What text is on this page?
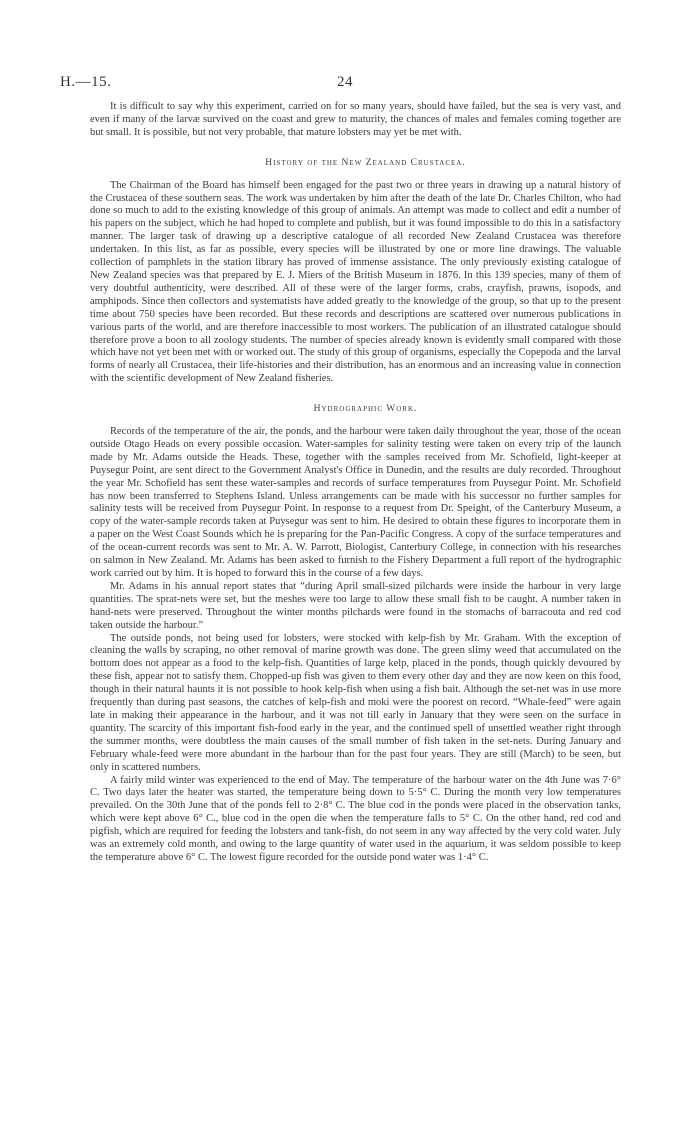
H.—15.	24

It is difficult to say why this experiment, carried on for so many years, should have failed, but the sea is very vast, and even if many of the larvæ survived on the coast and grew to maturity, the chances of males and females coming together are but small. It is possible, but not very probable, that mature lobsters may yet be met with.

History of the New Zealand Crustacea.

The Chairman of the Board has himself been engaged for the past two or three years in drawing up a natural history of the Crustacea of these southern seas. The work was undertaken by him after the death of the late Dr. Charles Chilton, who had done so much to add to the existing knowledge of this group of animals. An attempt was made to collect and edit a number of his papers on the subject, which he had hoped to complete and publish, but it was found impossible to do this in a satisfactory manner. The larger task of drawing up a descriptive catalogue of all recorded New Zealand Crustacea was therefore undertaken. In this list, as far as possible, every species will be illustrated by one or more line drawings. The valuable collection of pamphlets in the station library has proved of immense assistance. The only previously existing catalogue of New Zealand species was that prepared by E. J. Miers of the British Museum in 1876. In this 139 species, many of them of very doubtful authenticity, were described. All of these were of the larger forms, crabs, crayfish, prawns, isopods, and amphipods. Since then collectors and systematists have added greatly to the knowledge of the group, so that up to the present time about 750 species have been recorded. But these records and descriptions are scattered over numerous publications in various parts of the world, and are therefore inaccessible to most workers. The publication of an illustrated catalogue should therefore prove a boon to all zoology students. The number of species already known is evidently small compared with those which have not yet been met with or worked out. The study of this group of organisms, especially the Copepoda and the larval forms of nearly all Crustacea, their life-histories and their distribution, has an enormous and an increasing value in connection with the scientific development of New Zealand fisheries.

Hydrographic Work.

Records of the temperature of the air, the ponds, and the harbour were taken daily throughout the year, those of the ocean outside Otago Heads on every possible occasion. Water-samples for salinity testing were taken on every trip of the launch made by Mr. Adams outside the Heads. These, together with the samples received from Mr. Schofield, light-keeper at Puysegur Point, are sent direct to the Government Analyst's Office in Dunedin, and the results are duly recorded. Throughout the year Mr. Schofield has sent these water-samples and records of surface temperatures from Puysegur Point. Mr. Schofield has now been transferred to Stephens Island. Unless arrangements can be made with his successor no further samples for salinity tests will be received from Puysegur Point. In response to a request from Dr. Speight, of the Canterbury Museum, a copy of the water-sample records taken at Puysegur was sent to him. He desired to obtain these figures to incorporate them in a paper on the West Coast Sounds which he is preparing for the Pan-Pacific Congress. A copy of the surface temperatures and of the ocean-current records was sent to Mr. A. W. Parrott, Biologist, Canterbury College, in connection with his researches on salmon in New Zealand. Mr. Adams has been asked to furnish to the Fishery Department a full report of the hydrographic work carried out by him. It is hoped to forward this in the course of a few days.

Mr. Adams in his annual report states that “during April small-sized pilchards were inside the harbour in very large quantities. The sprat-nets were set, but the meshes were too large to allow these small fish to be caught. A number taken in hand-nets were preserved. Throughout the winter months pilchards were found in the stomachs of barracouta and red cod taken outside the harbour.”

The outside ponds, not being used for lobsters, were stocked with kelp-fish by Mr. Graham. With the exception of cleaning the walls by scraping, no other removal of marine growth was done. The green slimy weed that accumulated on the bottom does not appear as a food to the kelp-fish. Quantities of large kelp, placed in the ponds, though quickly devoured by these fish, appear not to satisfy them. Chopped-up fish was given to them every other day and they are now keen on this food, though in their natural haunts it is not possible to hook kelp-fish when using a fish bait. Although the set-net was in use more frequently than during past seasons, the catches of kelp-fish and moki were the poorest on record. “Whale-feed” were again late in making their appearance in the harbour, and it was not till early in January that they were seen on the surface in quantity. The scarcity of this important fish-food early in the year, and the continued spell of unsettled weather right through the summer months, were doubtless the main causes of the small number of fish taken in the set-nets. During January and February whale-feed were more abundant in the harbour than for the past four years. They are still (March) to be seen, but only in scattered numbers.

A fairly mild winter was experienced to the end of May. The temperature of the harbour water on the 4th June was 7·6° C. Two days later the heater was started, the temperature being down to 5·5° C. During the month very low temperatures prevailed. On the 30th June that of the ponds fell to 2·8° C. The blue cod in the ponds were placed in the observation tanks, which were kept above 6° C., blue cod in the open die when the temperature falls to 5° C. On the other hand, red cod and pigfish, which are required for feeding the lobsters and tank-fish, do not seem in any way affected by the very cold water. July was an extremely cold month, and owing to the large quantity of water used in the aquarium, it was seldom possible to keep the temperature above 6° C. The lowest figure recorded for the outside pond water was 1·4° C.
